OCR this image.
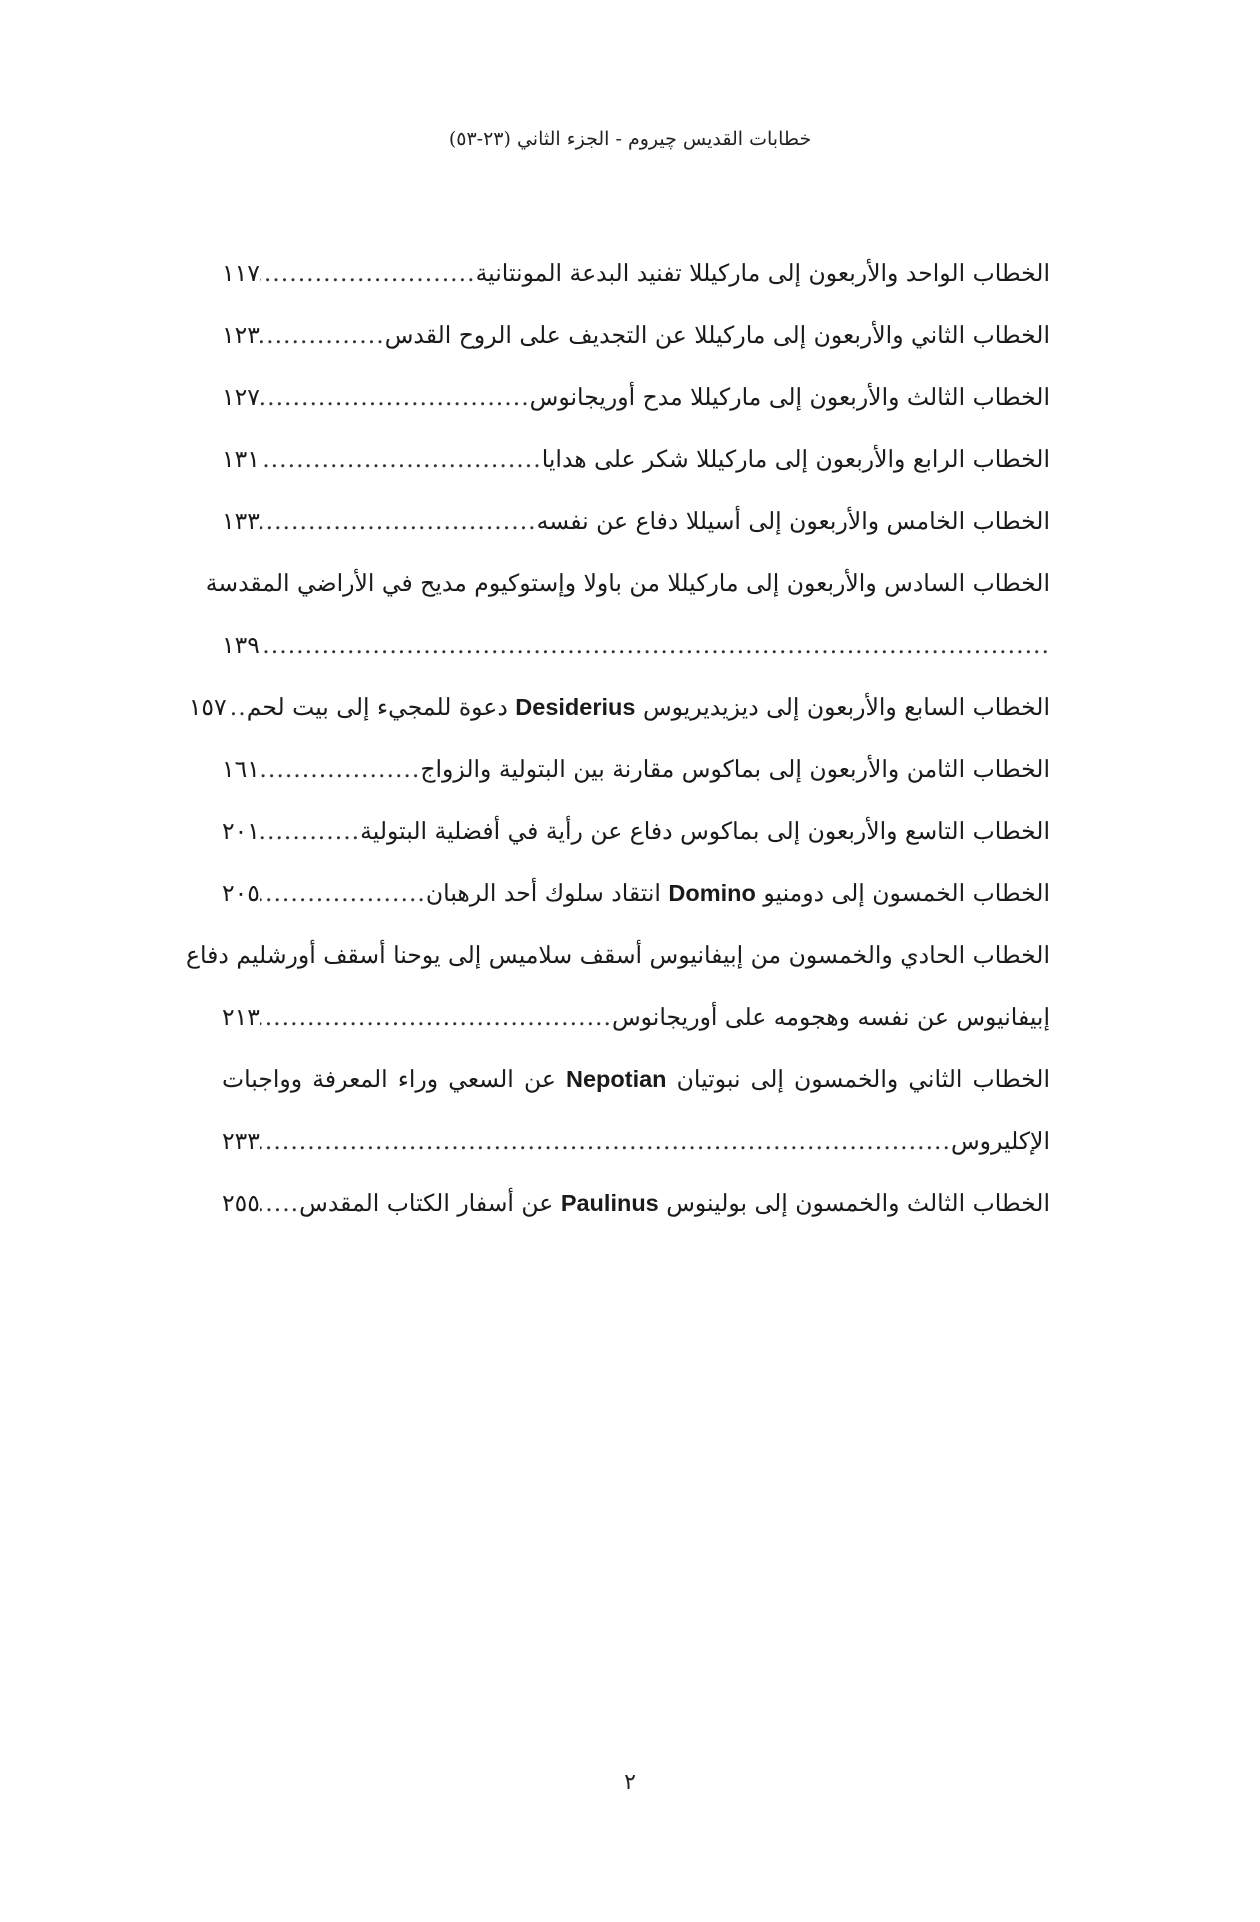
خطابات القديس چيروم - الجزء الثاني (٢٣-٥٣)
الخطاب الواحد والأربعون إلى ماركيللا تفنيد البدعة المونتانية
.....
١١٧
الخطاب الثاني والأربعون إلى ماركيللا عن التجديف على الروح القدس
.....
١٢٣
الخطاب الثالث والأربعون إلى ماركيللا مدح أوريجانوس
.....
١٢٧
الخطاب الرابع والأربعون إلى ماركيللا شكر على هدايا
.....
١٣١
الخطاب الخامس والأربعون إلى أسيللا دفاع عن نفسه
.....
١٣٣
الخطاب السادس والأربعون إلى ماركيللا من باولا وإستوكيوم مديح في الأراضي المقدسة
.....
١٣٩
الخطاب السابع والأربعون إلى ديزيديريوس Desiderius دعوة للمجيء إلى بيت لحم
.....
١٥٧
الخطاب الثامن والأربعون إلى بماكوس مقارنة بين البتولية والزواج
.....
١٦١
الخطاب التاسع والأربعون إلى بماكوس دفاع عن رأية في أفضلية البتولية
.....
٢٠١
الخطاب الخمسون إلى دومنيو Domino انتقاد سلوك أحد الرهبان
.....
٢٠٥
الخطاب الحادي والخمسون من إبيفانيوس أسقف سلاميس إلى يوحنا أسقف أورشليم دفاع
إبيفانيوس عن نفسه وهجومه على أوريجانوس
.....
٢١٣
الخطاب الثاني والخمسون إلى نبوتيان Nepotian عن السعي وراء المعرفة وواجبات
الإكليروس
.....
٢٣٣
الخطاب الثالث والخمسون إلى بولينوس Paulinus عن أسفار الكتاب المقدس
.....
٢٥٥
٢
